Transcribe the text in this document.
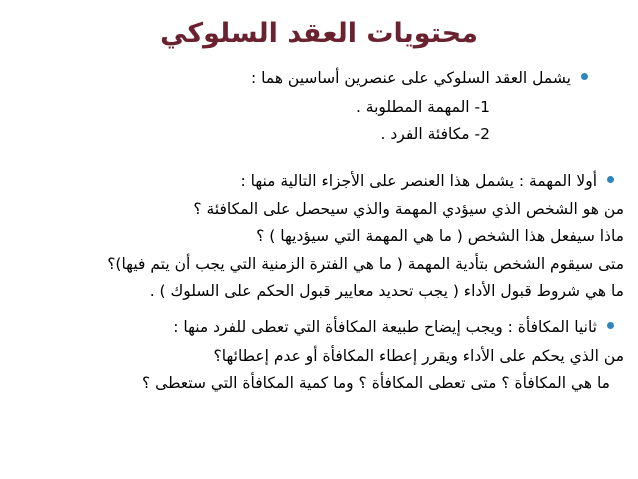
محتويات العقد السلوكي
يشمل العقد السلوكي على عنصرين أساسين هما :
1- المهمة المطلوبة .
2- مكافئة الفرد .
أولا المهمة : يشمل هذا العنصر على الأجزاء التالية منها :
من هو الشخص الذي سيؤدي المهمة والذي سيحصل على المكافئة ؟
ماذا سيفعل هذا الشخص ( ما هي المهمة التي سيؤديها ) ؟
متى سيقوم الشخص بتأدية المهمة ( ما هي الفترة الزمنية التي يجب أن يتم فيها)؟
ما هي شروط قبول الأداء ( يجب تحديد معايير قبول الحكم على السلوك ) .
ثانيا المكافأة : ويجب إيضاح طبيعة المكافأة التي تعطى للفرد منها :
من الذي يحكم على الأداء ويقرر إعطاء المكافأة أو عدم إعطائها؟
ما هي المكافأة ؟ متى تعطى المكافأة ؟ وما كمية المكافأة التي ستعطى ؟
